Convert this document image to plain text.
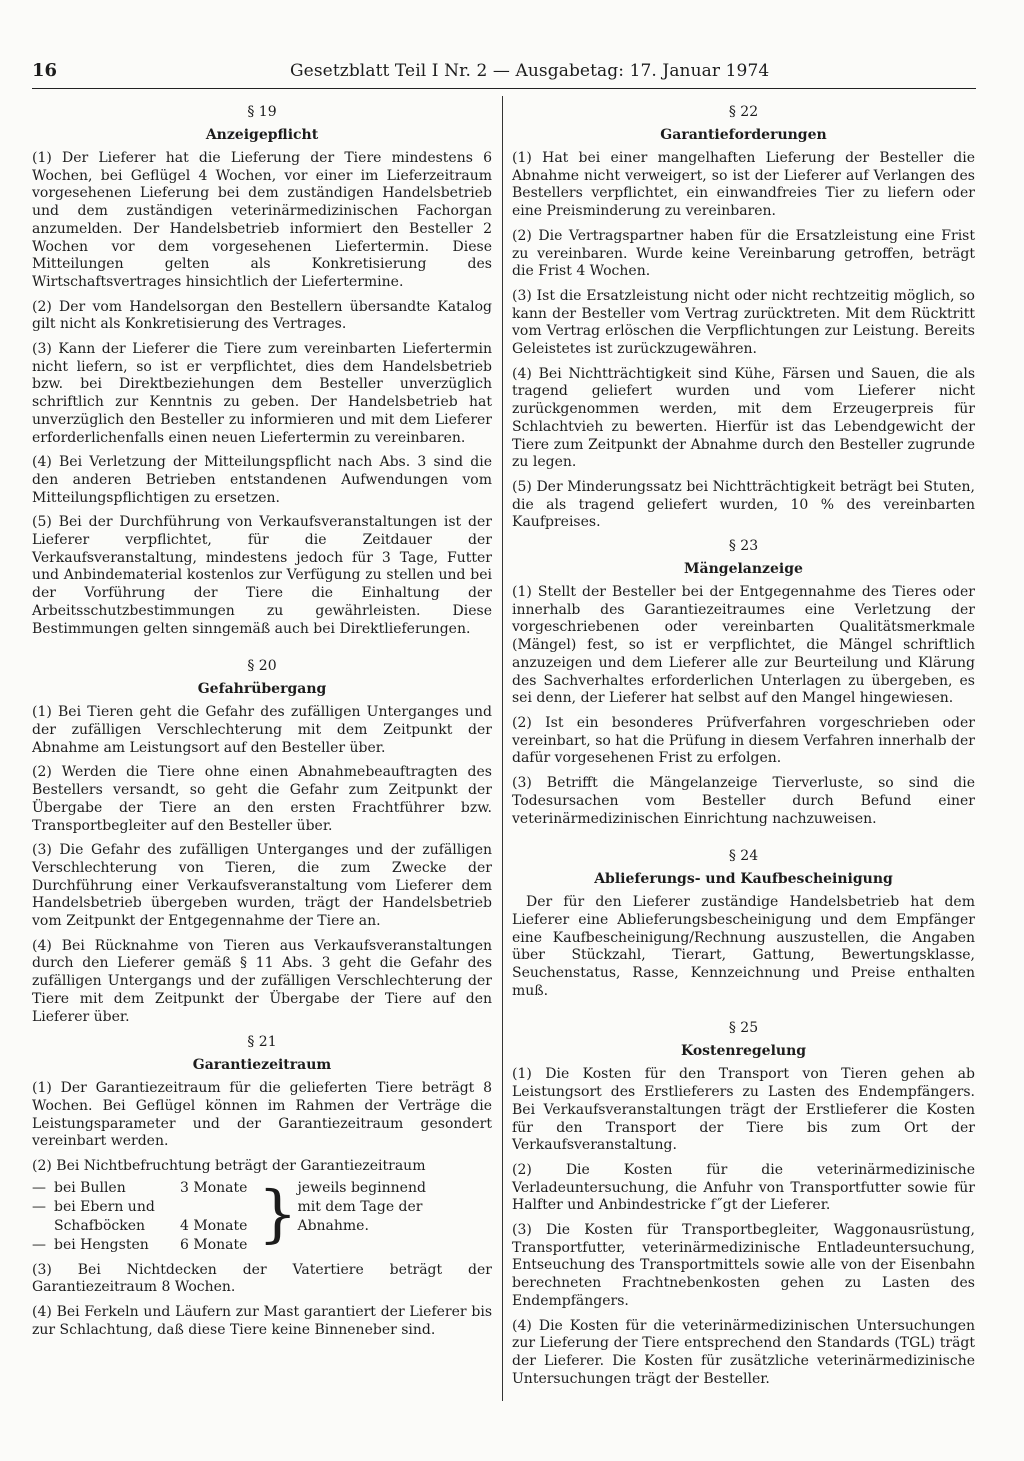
16	Gesetzblatt Teil I Nr. 2 — Ausgabetag: 17. Januar 1974

§ 19

Anzeigepflicht

(1) Der Lieferer hat die Lieferung der Tiere mindestens 6 Wochen, bei Geflügel 4 Wochen, vor einer im Lieferzeitraum vorgesehenen Lieferung bei dem zuständigen Handelsbetrieb und dem zuständigen veterinärmedizinischen Fachorgan anzumelden. Der Handelsbetrieb informiert den Besteller 2 Wochen vor dem vorgesehenen Liefertermin. Diese Mitteilungen gelten als Konkretisierung des Wirtschaftsvertrages hinsichtlich der Liefertermine.

(2) Der vom Handelsorgan den Bestellern übersandte Katalog gilt nicht als Konkretisierung des Vertrages.

(3) Kann der Lieferer die Tiere zum vereinbarten Liefertermin nicht liefern, so ist er verpflichtet, dies dem Handelsbetrieb bzw. bei Direktbeziehungen dem Besteller unverzüglich schriftlich zur Kenntnis zu geben. Der Handelsbetrieb hat unverzüglich den Besteller zu informieren und mit dem Lieferer erforderlichenfalls einen neuen Liefertermin zu vereinbaren.

(4) Bei Verletzung der Mitteilungspflicht nach Abs. 3 sind die den anderen Betrieben entstandenen Aufwendungen vom Mitteilungspflichtigen zu ersetzen.

(5) Bei der Durchführung von Verkaufsveranstaltungen ist der Lieferer verpflichtet, für die Zeitdauer der Verkaufsveranstaltung, mindestens jedoch für 3 Tage, Futter und Anbindematerial kostenlos zur Verfügung zu stellen und bei der Vorführung der Tiere die Einhaltung der Arbeitsschutzbestimmungen zu gewährleisten. Diese Bestimmungen gelten sinngemäß auch bei Direktlieferungen.

§ 20

Gefahrübergang

(1) Bei Tieren geht die Gefahr des zufälligen Unterganges und der zufälligen Verschlechterung mit dem Zeitpunkt der Abnahme am Leistungsort auf den Besteller über.

(2) Werden die Tiere ohne einen Abnahmebeauftragten des Bestellers versandt, so geht die Gefahr zum Zeitpunkt der Übergabe der Tiere an den ersten Frachtführer bzw. Transportbegleiter auf den Besteller über.

(3) Die Gefahr des zufälligen Unterganges und der zufälligen Verschlechterung von Tieren, die zum Zwecke der Durchführung einer Verkaufsveranstaltung vom Lieferer dem Handelsbetrieb übergeben wurden, trägt der Handelsbetrieb vom Zeitpunkt der Entgegennahme der Tiere an.

(4) Bei Rücknahme von Tieren aus Verkaufsveranstaltungen durch den Lieferer gemäß § 11 Abs. 3 geht die Gefahr des zufälligen Untergangs und der zufälligen Verschlechterung der Tiere mit dem Zeitpunkt der Übergabe der Tiere auf den Lieferer über.

§ 21

Garantiezeitraum

(1) Der Garantiezeitraum für die gelieferten Tiere beträgt 8 Wochen. Bei Geflügel können im Rahmen der Verträge die Leistungsparameter und der Garantiezeitraum gesondert vereinbart werden.

(2) Bei Nichtbefruchtung beträgt der Garantiezeitraum

—	bei Bullen	3 Monate	}	jeweils beginnend mit dem Tage der Abnahme.
—	bei Ebern und Schafböcken	4 Monate		
—	bei Hengsten	6 Monate		

(3) Bei Nichtdecken der Vatertiere beträgt der Garantiezeitraum 8 Wochen.

(4) Bei Ferkeln und Läufern zur Mast garantiert der Lieferer bis zur Schlachtung, daß diese Tiere keine Binneneber sind.

§ 22

Garantieforderungen

(1) Hat bei einer mangelhaften Lieferung der Besteller die Abnahme nicht verweigert, so ist der Lieferer auf Verlangen des Bestellers verpflichtet, ein einwandfreies Tier zu liefern oder eine Preisminderung zu vereinbaren.

(2) Die Vertragspartner haben für die Ersatzleistung eine Frist zu vereinbaren. Wurde keine Vereinbarung getroffen, beträgt die Frist 4 Wochen.

(3) Ist die Ersatzleistung nicht oder nicht rechtzeitig möglich, so kann der Besteller vom Vertrag zurücktreten. Mit dem Rücktritt vom Vertrag erlöschen die Verpflichtungen zur Leistung. Bereits Geleistetes ist zurückzugewähren.

(4) Bei Nichtträchtigkeit sind Kühe, Färsen und Sauen, die als tragend geliefert wurden und vom Lieferer nicht zurückgenommen werden, mit dem Erzeugerpreis für Schlachtvieh zu bewerten. Hierfür ist das Lebendgewicht der Tiere zum Zeitpunkt der Abnahme durch den Besteller zugrunde zu legen.

(5) Der Minderungssatz bei Nichtträchtigkeit beträgt bei Stuten, die als tragend geliefert wurden, 10 % des vereinbarten Kaufpreises.

§ 23

Mängelanzeige

(1) Stellt der Besteller bei der Entgegennahme des Tieres oder innerhalb des Garantiezeitraumes eine Verletzung der vorgeschriebenen oder vereinbarten Qualitätsmerkmale (Mängel) fest, so ist er verpflichtet, die Mängel schriftlich anzuzeigen und dem Lieferer alle zur Beurteilung und Klärung des Sachverhaltes erforderlichen Unterlagen zu übergeben, es sei denn, der Lieferer hat selbst auf den Mangel hingewiesen.

(2) Ist ein besonderes Prüfverfahren vorgeschrieben oder vereinbart, so hat die Prüfung in diesem Verfahren innerhalb der dafür vorgesehenen Frist zu erfolgen.

(3) Betrifft die Mängelanzeige Tierverluste, so sind die Todesursachen vom Besteller durch Befund einer veterinärmedizinischen Einrichtung nachzuweisen.

§ 24

Ablieferungs- und Kaufbescheinigung

Der für den Lieferer zuständige Handelsbetrieb hat dem Lieferer eine Ablieferungsbescheinigung und dem Empfänger eine Kaufbescheinigung/Rechnung auszustellen, die Angaben über Stückzahl, Tierart, Gattung, Bewertungsklasse, Seuchenstatus, Rasse, Kennzeichnung und Preise enthalten muß.

§ 25

Kostenregelung

(1) Die Kosten für den Transport von Tieren gehen ab Leistungsort des Erstlieferers zu Lasten des Endempfängers. Bei Verkaufsveranstaltungen trägt der Erstlieferer die Kosten für den Transport der Tiere bis zum Ort der Verkaufsveranstaltung.

(2) Die Kosten für die veterinärmedizinische Verladeuntersuchung, die Anfuhr von Transportfutter sowie für Halfter und Anbindestricke f˝gt der Lieferer.

(3) Die Kosten für Transportbegleiter, Waggonausrüstung, Transportfutter, veterinärmedizinische Entladeuntersuchung, Entseuchung des Transportmittels sowie alle von der Eisenbahn berechneten Frachtnebenkosten gehen zu Lasten des Endempfängers.

(4) Die Kosten für die veterinärmedizinischen Untersuchungen zur Lieferung der Tiere entsprechend den Standards (TGL) trägt der Lieferer. Die Kosten für zusätzliche veterinärmedizinische Untersuchungen trägt der Besteller.
